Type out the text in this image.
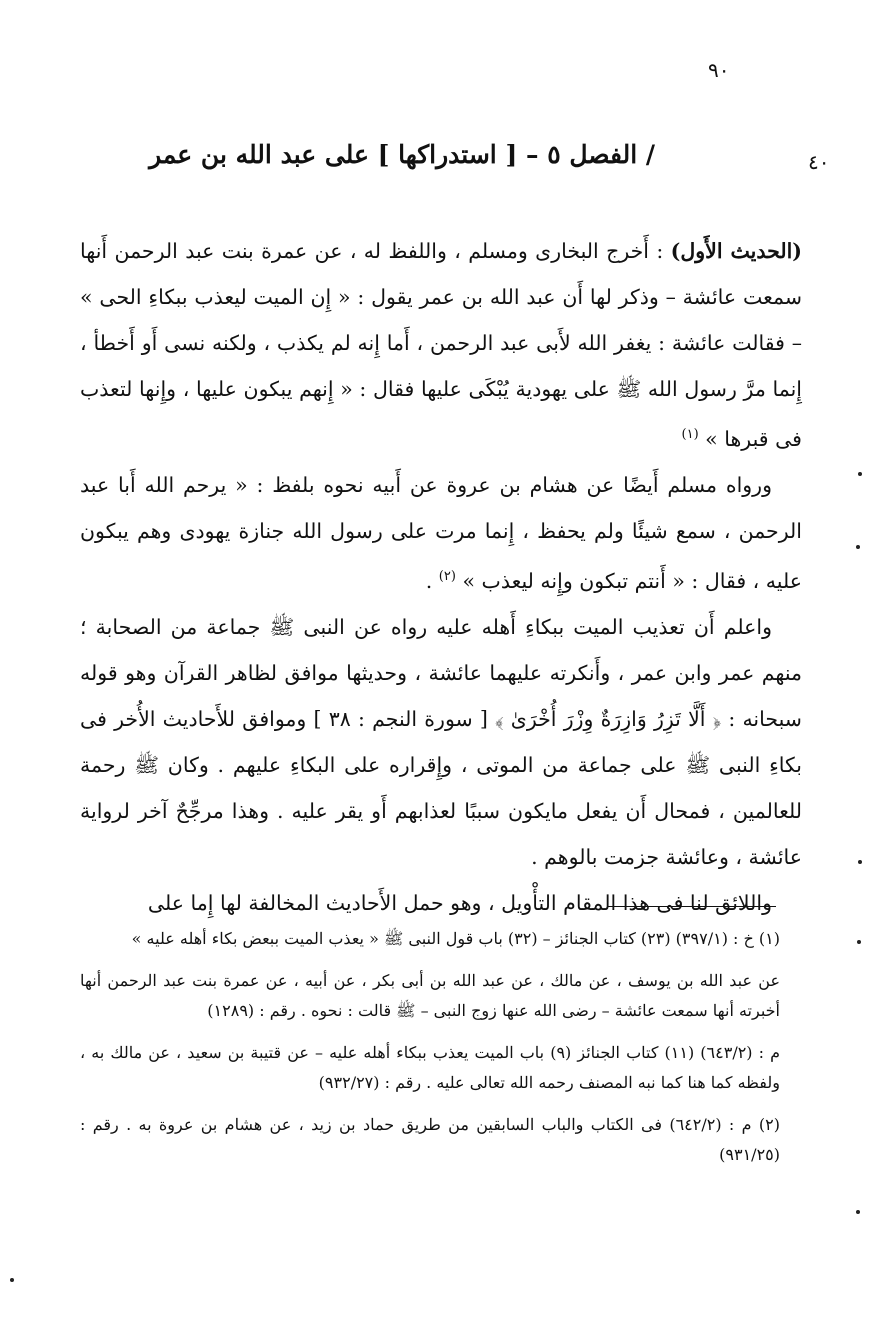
٩٠
٤٠
/ الفصل ٥ – [ استدراكها ] على عبد الله بن عمر

(الحديث الأَول) : أَخرج البخارى ومسلم ، واللفظ له ، عن عمرة بنت عبد الرحمن أَنها سمعت عائشة – وذكر لها أَن عبد الله بن عمر يقول : « إِن الميت ليعذب ببكاءِ الحى » – فقالت عائشة : يغفر الله لأَبى عبد الرحمن ، أَما إِنه لم يكذب ، ولكنه نسى أَو أَخطأ ، إِنما مرَّ رسول الله ﷺ على يهودية يُبْكَى عليها فقال : « إِنهم يبكون عليها ، وإِنها لتعذب فى قبرها » $^{(١)}$

ورواه مسلم أَيضًا عن هشام بن عروة عن أَبيه نحوه بلفظ : « يرحم الله أَبا عبد الرحمن ، سمع شيئًا ولم يحفظ ، إِنما مرت على رسول الله جنازة يهودى وهم يبكون عليه ، فقال : « أَنتم تبكون وإِنه ليعذب » $^{(٢)}$ .

واعلم أَن تعذيب الميت ببكاءِ أَهله عليه رواه عن النبى ﷺ جماعة من الصحابة ؛ منهم عمر وابن عمر ، وأَنكرته عليهما عائشة ، وحديثها موافق لظاهر القرآن وهو قوله سبحانه : ﴿ أَلَّا تَزِرُ وَازِرَةٌ وِزْرَ أُخْرَىٰ ﴾ [ سورة النجم : ٣٨ ] وموافق للأَحاديث الأُخر فى بكاءِ النبى ﷺ على جماعة من الموتى ، وإِقراره على البكاءِ عليهم . وكان ﷺ رحمة للعالمين ، فمحال أَن يفعل مايكون سببًا لعذابهم أَو يقر عليه . وهذا مرجِّحٌ آخر لرواية عائشة ، وعائشة جزمت بالوهم .

واللائق لنا فى هذا المقام التأْويل ، وهو حمل الأَحاديث المخالفة لها إِما على

(١) خ : (٣٩٧/١) (٢٣) كتاب الجنائز – (٣٢) باب قول النبى ﷺ « يعذب الميت ببعض بكاء أهله عليه »

عن عبد الله بن يوسف ، عن مالك ، عن عبد الله بن أبى بكر ، عن أبيه ، عن عمرة بنت عبد الرحمن أنها أخبرته أنها سمعت عائشة – رضى الله عنها زوج النبى – ﷺ قالت : نحوه . رقم : (١٢٨٩)

م : (٦٤٣/٢) (١١) كتاب الجنائز (٩) باب الميت يعذب ببكاء أهله عليه – عن قتيبة بن سعيد ، عن مالك به ، ولفظه كما هنا كما نبه المصنف رحمه الله تعالى عليه . رقم : (٩٣٢/٢٧)

(٢) م : (٦٤٢/٢) فى الكتاب والباب السابقين من طريق حماد بن زيد ، عن هشام بن عروة به . رقم : (٩٣١/٢٥)
